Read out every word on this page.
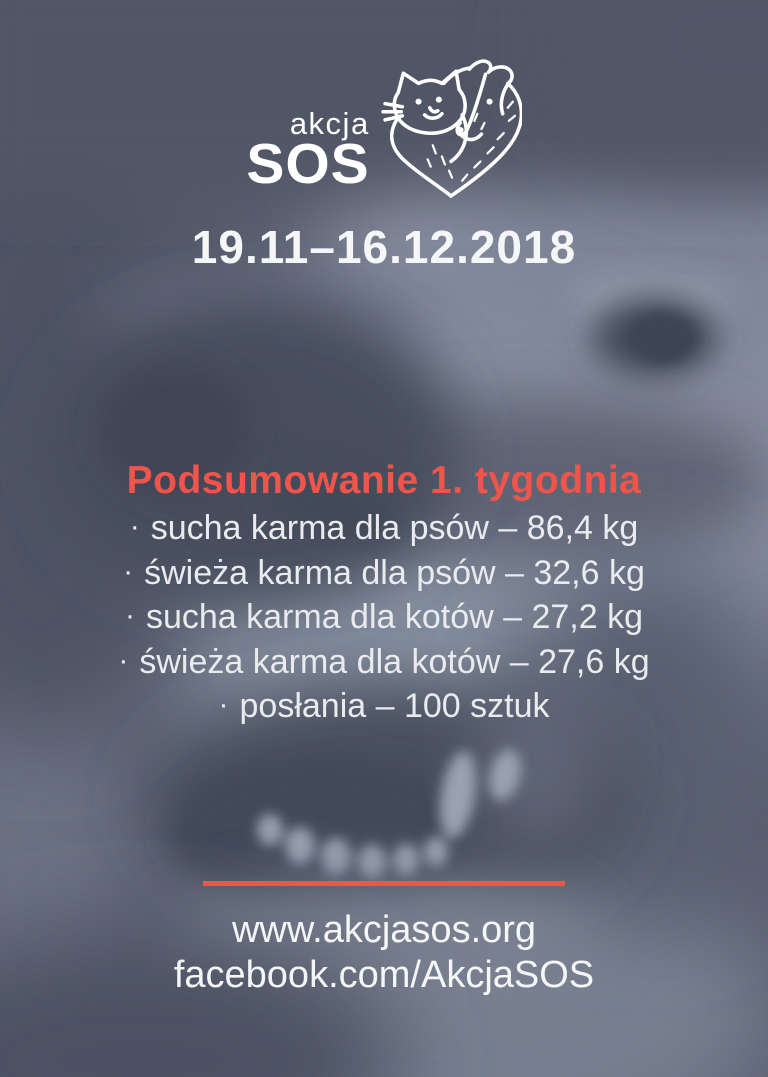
akcja
SOS
19.11–16.12.2018
Podsumowanie 1. tygodnia
· sucha karma dla psów – 86,4 kg
· świeża karma dla psów – 32,6 kg
· sucha karma dla kotów – 27,2 kg
· świeża karma dla kotów – 27,6 kg
· posłania – 100 sztuk
www.akcjasos.org
facebook.com/AkcjaSOS
